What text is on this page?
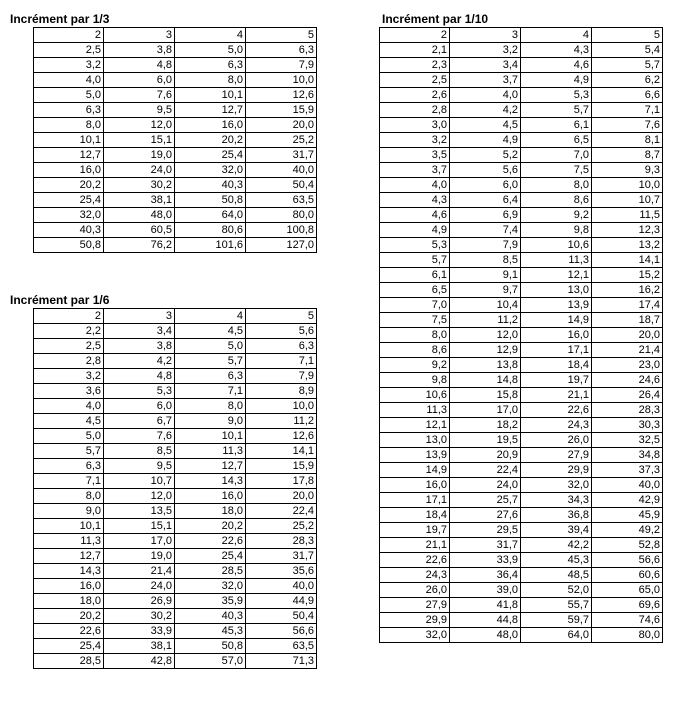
Incrément par 1/3
2	3	4	5
2,5	3,8	5,0	6,3
3,2	4,8	6,3	7,9
4,0	6,0	8,0	10,0
5,0	7,6	10,1	12,6
6,3	9,5	12,7	15,9
8,0	12,0	16,0	20,0
10,1	15,1	20,2	25,2
12,7	19,0	25,4	31,7
16,0	24,0	32,0	40,0
20,2	30,2	40,3	50,4
25,4	38,1	50,8	63,5
32,0	48,0	64,0	80,0
40,3	60,5	80,6	100,8
50,8	76,2	101,6	127,0
Incrément par 1/6
2	3	4	5
2,2	3,4	4,5	5,6
2,5	3,8	5,0	6,3
2,8	4,2	5,7	7,1
3,2	4,8	6,3	7,9
3,6	5,3	7,1	8,9
4,0	6,0	8,0	10,0
4,5	6,7	9,0	11,2
5,0	7,6	10,1	12,6
5,7	8,5	11,3	14,1
6,3	9,5	12,7	15,9
7,1	10,7	14,3	17,8
8,0	12,0	16,0	20,0
9,0	13,5	18,0	22,4
10,1	15,1	20,2	25,2
11,3	17,0	22,6	28,3
12,7	19,0	25,4	31,7
14,3	21,4	28,5	35,6
16,0	24,0	32,0	40,0
18,0	26,9	35,9	44,9
20,2	30,2	40,3	50,4
22,6	33,9	45,3	56,6
25,4	38,1	50,8	63,5
28,5	42,8	57,0	71,3
Incrément par 1/10
2	3	4	5
2,1	3,2	4,3	5,4
2,3	3,4	4,6	5,7
2,5	3,7	4,9	6,2
2,6	4,0	5,3	6,6
2,8	4,2	5,7	7,1
3,0	4,5	6,1	7,6
3,2	4,9	6,5	8,1
3,5	5,2	7,0	8,7
3,7	5,6	7,5	9,3
4,0	6,0	8,0	10,0
4,3	6,4	8,6	10,7
4,6	6,9	9,2	11,5
4,9	7,4	9,8	12,3
5,3	7,9	10,6	13,2
5,7	8,5	11,3	14,1
6,1	9,1	12,1	15,2
6,5	9,7	13,0	16,2
7,0	10,4	13,9	17,4
7,5	11,2	14,9	18,7
8,0	12,0	16,0	20,0
8,6	12,9	17,1	21,4
9,2	13,8	18,4	23,0
9,8	14,8	19,7	24,6
10,6	15,8	21,1	26,4
11,3	17,0	22,6	28,3
12,1	18,2	24,3	30,3
13,0	19,5	26,0	32,5
13,9	20,9	27,9	34,8
14,9	22,4	29,9	37,3
16,0	24,0	32,0	40,0
17,1	25,7	34,3	42,9
18,4	27,6	36,8	45,9
19,7	29,5	39,4	49,2
21,1	31,7	42,2	52,8
22,6	33,9	45,3	56,6
24,3	36,4	48,5	60,6
26,0	39,0	52,0	65,0
27,9	41,8	55,7	69,6
29,9	44,8	59,7	74,6
32,0	48,0	64,0	80,0
